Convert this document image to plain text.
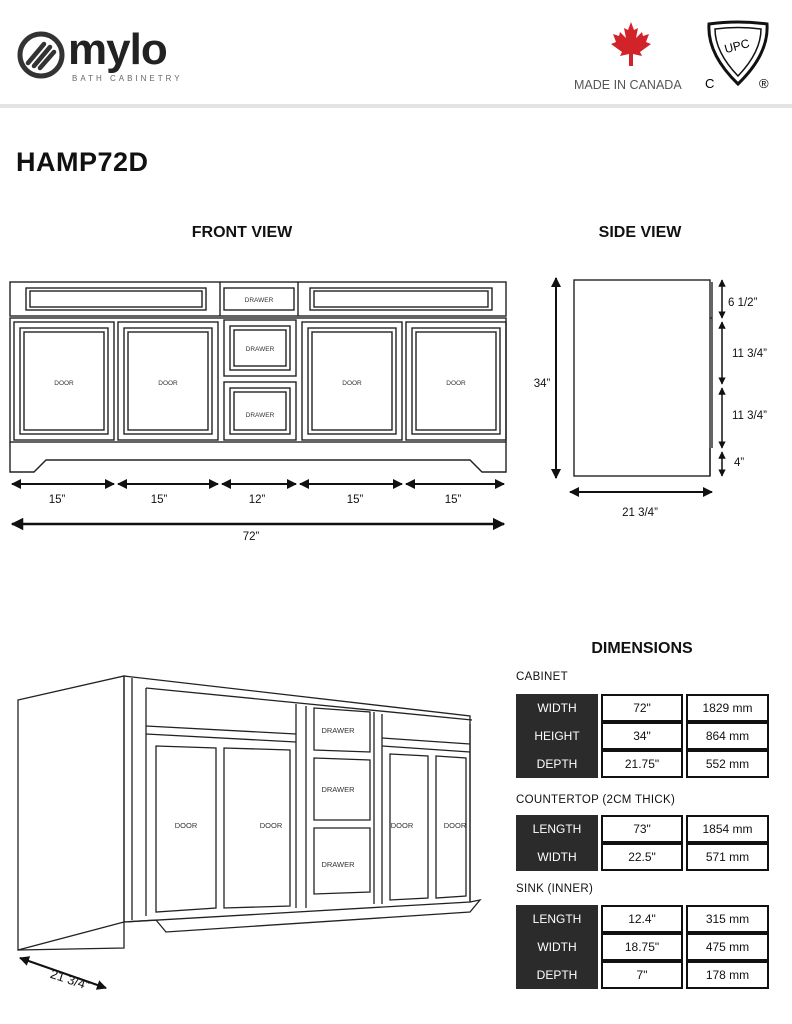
mylo
BATH CABINETRY	MADE IN CANADA
UPC
C	®
HAMP72D
FRONT VIEW
DRAWER
DRAWER
DRAWER
DOOR	DOOR	DOOR	DOOR
15”	15”	12”	15”	15”
72”
SIDE VIEW
34”
21 3/4”
6 1/2”
11 3/4”
11 3/4”
4”
DOOR	DOOR	DOOR	DOOR
DRAWER
DRAWER
DRAWER
21 3/4”
DIMENSIONS
CABINET
WIDTH	72"	1829 mm
HEIGHT	34"	864 mm
DEPTH	21.75"	552 mm
COUNTERTOP (2CM THICK)
LENGTH	73"	1854 mm
WIDTH	22.5"	571 mm
SINK (INNER)
LENGTH	12.4"	315 mm
WIDTH	18.75"	475 mm
DEPTH	7"	178 mm
